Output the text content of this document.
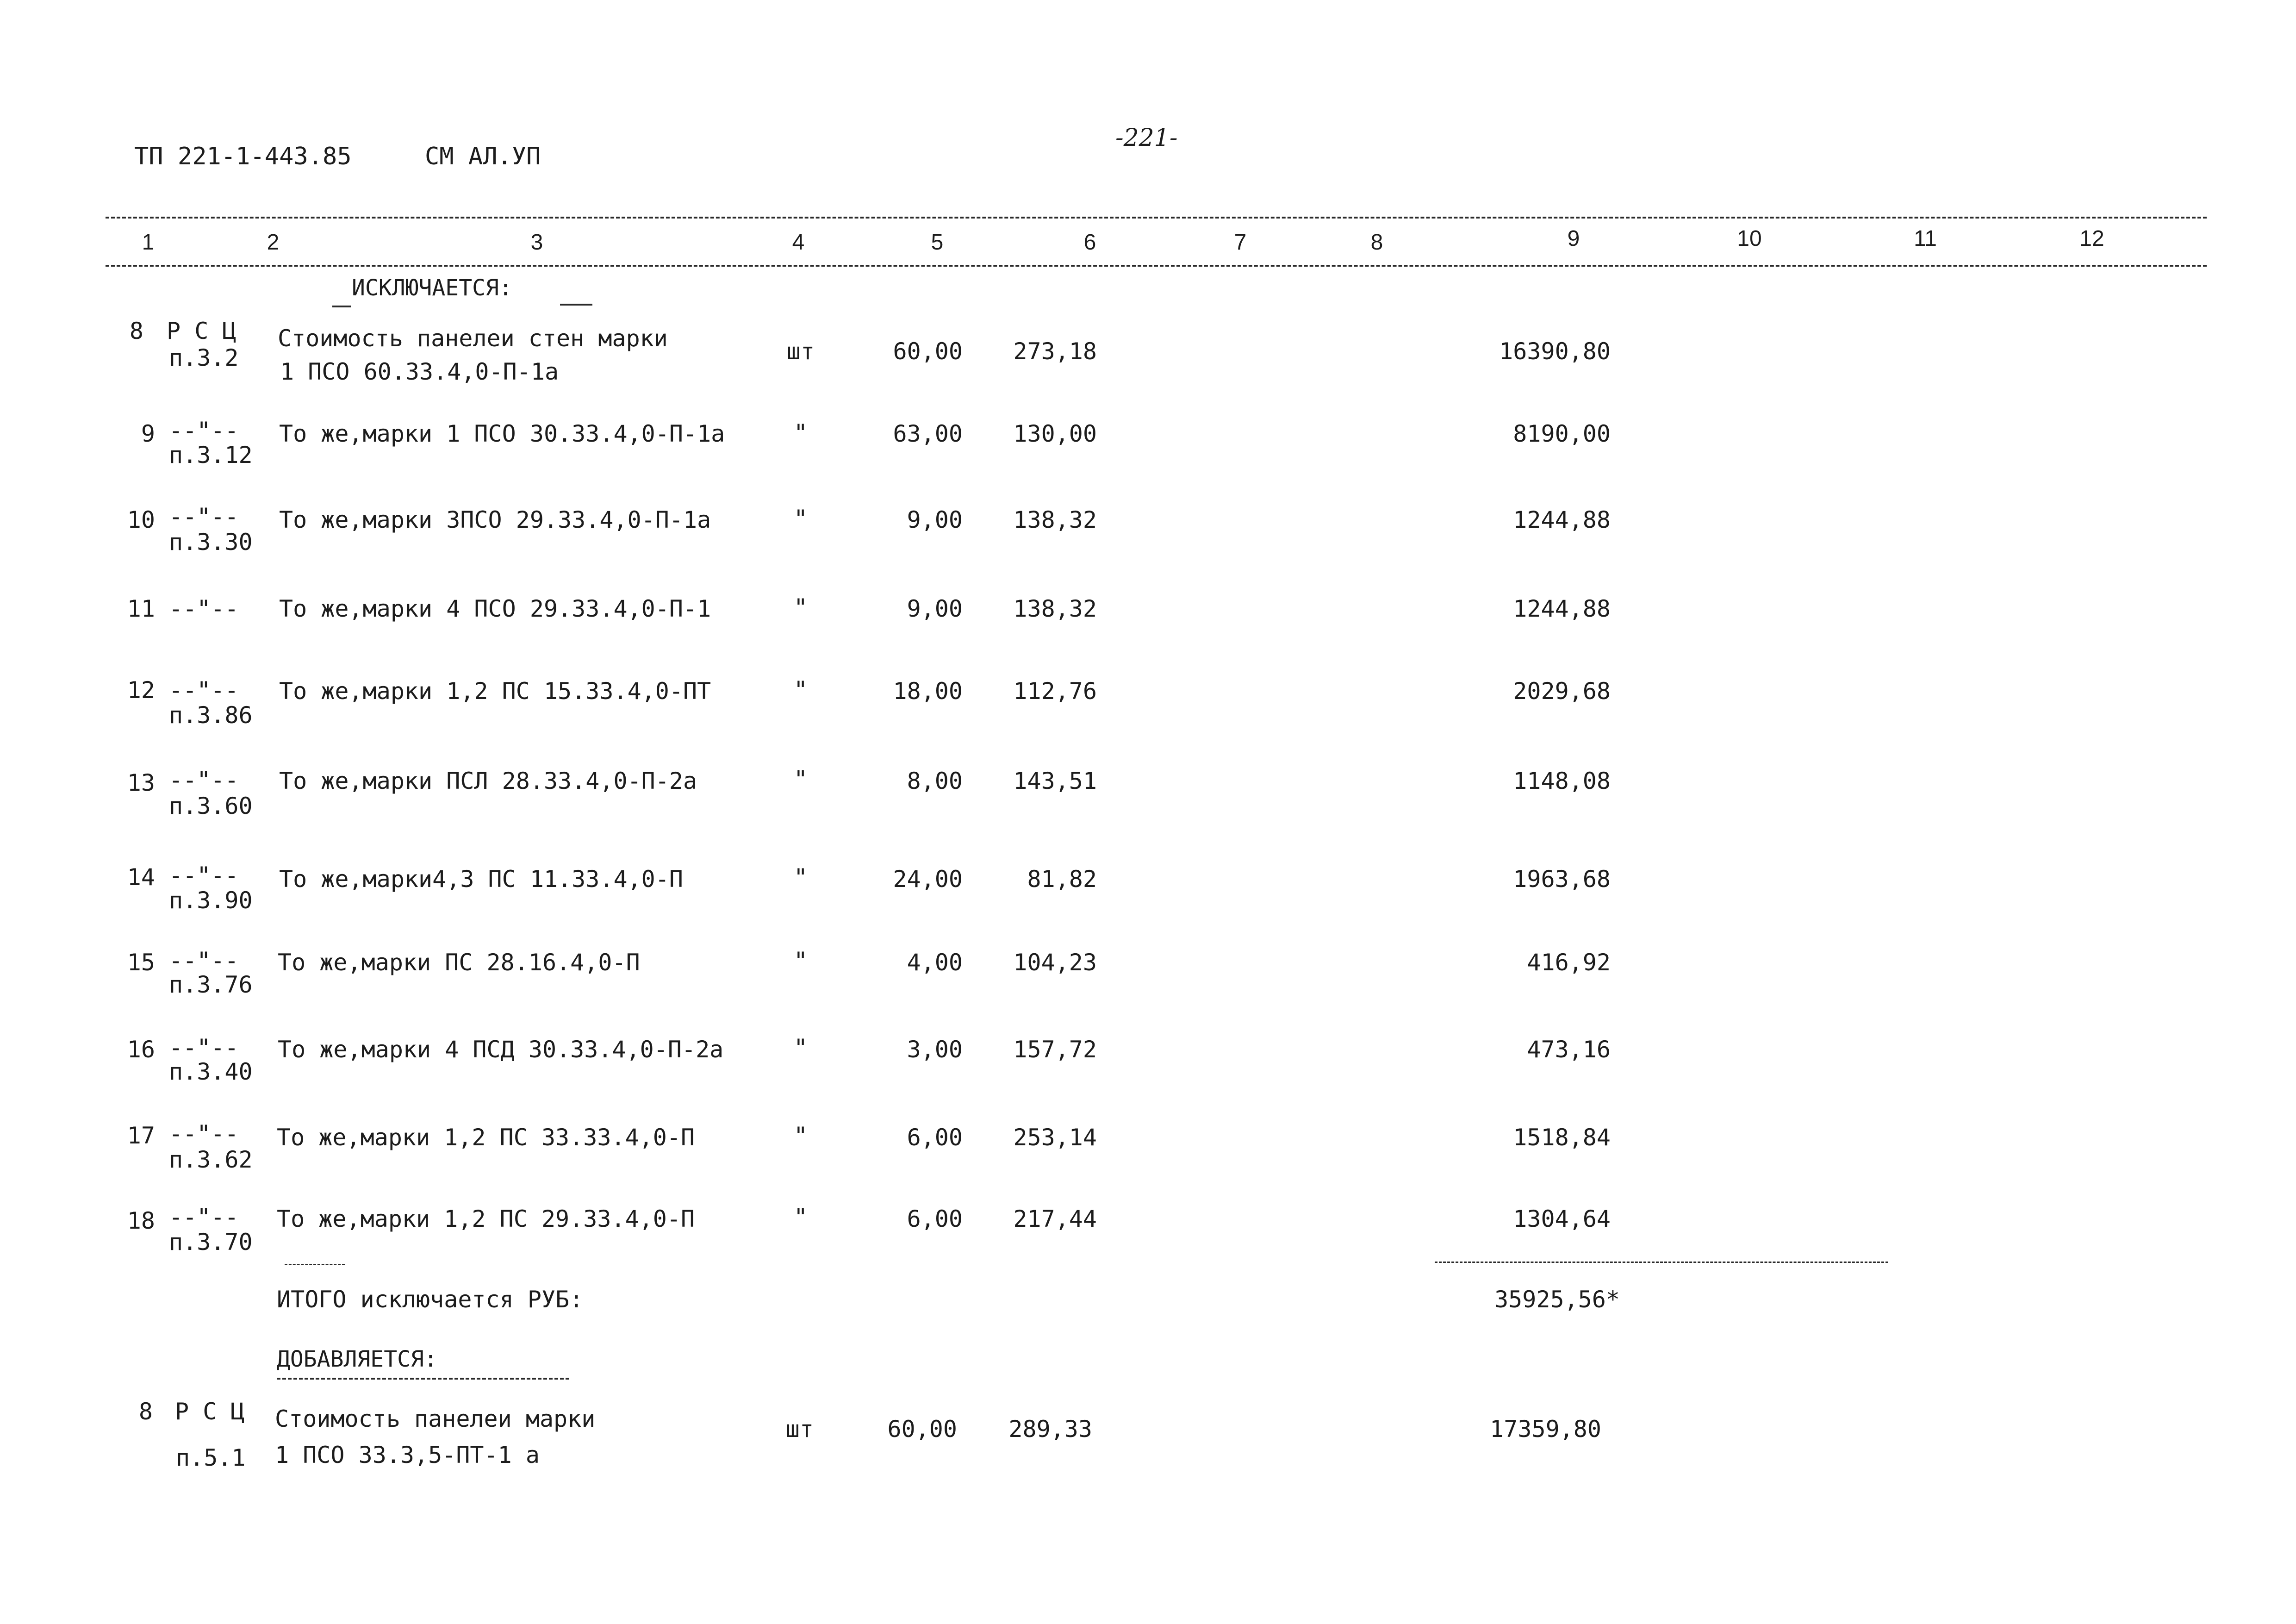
ТП 221-1-443.85	СМ АЛ.УП
-221-
1	2	3	4	5	6	7	8	9	10	11	12
ИСКЛЮЧАЕТСЯ:
8 Р С Ц
п.3.2
Стоимость панелеи стен марки
1 ПСО 60.33.4,0-П-1а
шт	60,00	273,18	16390,80
9 --"--
п.3.12
То же,марки 1 ПСО 30.33.4,0-П-1а	"	63,00	130,00	8190,00
10 --"--
п.3.30
То же,марки ЗПСО 29.33.4,0-П-1а	"	9,00	138,32	1244,88
11 --"-- То же,марки 4 ПСО 29.33.4,0-П-1	"	9,00	138,32	1244,88
12 --"--
п.3.86
То же,марки 1,2 ПС 15.33.4,0-ПТ	"	18,00	112,76	2029,68
13 --"--
п.3.60
То же,марки ПСЛ 28.33.4,0-П-2а	"	8,00	143,51	1148,08
14 --"--
п.3.90
То же,марки4,3 ПС 11.33.4,0-П	"	24,00	81,82	1963,68
15 --"--
п.3.76
То же,марки ПС 28.16.4,0-П	"	4,00	104,23	416,92
16 --"--
п.3.40
То же,марки 4 ПСД 30.33.4,0-П-2а	"	3,00	157,72	473,16
17 --"--
п.3.62
То же,марки 1,2 ПС 33.33.4,0-П	"	6,00	253,14	1518,84
18 --"--
п.3.70
То же,марки 1,2 ПС 29.33.4,0-П	"	6,00	217,44	1304,64
ИТОГО исключается РУБ:	35925,56*
ДОБАВЛЯЕТСЯ:
8 Р С Ц
п.5.1
Стоимость панелеи марки
1 ПСО 33.3,5-ПТ-1 а
шт	60,00	289,33	17359,80
